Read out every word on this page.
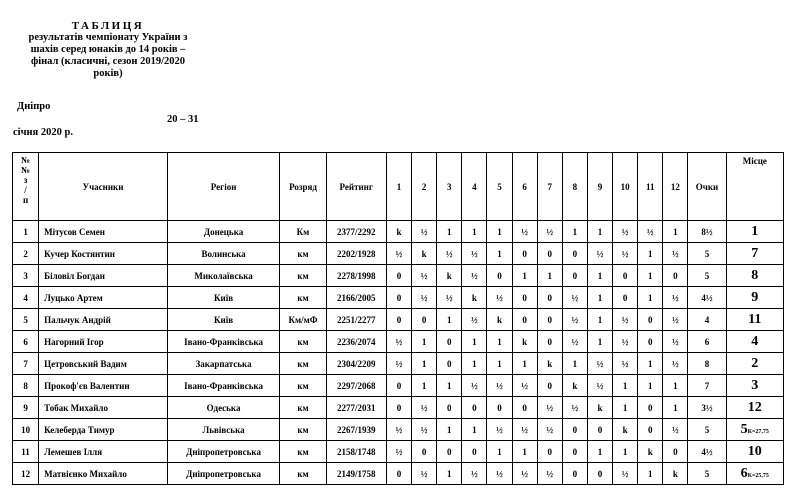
ТАБЛИЦЯ
результатів чемпіонату України з
шахів серед юнаків до 14 років –
фінал (класичні, сезон 2019/2020
років)
Дніпро
20 – 31
січня 2020 р.
№
№
з
/
п	Учасники	Регіон	Розряд	Рейтинг	1	2	3	4	5	6	7	8	9	10	11	12	Очки	Місце
1	Мітусов Семен	Донецька	Км	2377/2292	k	½	1	1	1	½	½	1	1	½	½	1	8½	1
2	Кучер Костянтин	Волинська	км	2202/1928	½	k	½	½	1	0	0	0	½	½	1	½	5	7
3	Біловіл Богдан	Миколаївська	км	2278/1998	0	½	k	½	0	1	1	0	1	0	1	0	5	8
4	Луцько Артем	Київ	км	2166/2005	0	½	½	k	½	0	0	½	1	0	1	½	4½	9
5	Пальчук Андрій	Київ	Км/мФ	2251/2277	0	0	1	½	k	0	0	½	1	½	0	½	4	11
6	Нагорний Ігор	Івано-Франківська	км	2236/2074	½	1	0	1	1	k	0	½	1	½	0	½	6	4
7	Цетровський Вадим	Закарпатська	км	2304/2209	½	1	0	1	1	1	k	1	½	½	1	½	8	2
8	Прокоф'єв Валентин	Івано-Франківська	км	2297/2068	0	1	1	½	½	½	0	k	½	1	1	1	7	3
9	Тобак Михайло	Одеська	км	2277/2031	0	½	0	0	0	0	½	½	k	1	0	1	3½	12
10	Келеберда Тимур	Львівська	км	2267/1939	½	½	1	1	½	½	½	0	0	k	0	½	5	5К=27,75
11	Лемешев Ілля	Дніпропетровська	км	2158/1748	½	0	0	0	1	1	0	0	1	1	k	0	4½	10
12	Матвієнко Михайло	Дніпропетровська	км	2149/1758	0	½	1	½	½	½	½	0	0	½	1	k	5	6К=25,75
